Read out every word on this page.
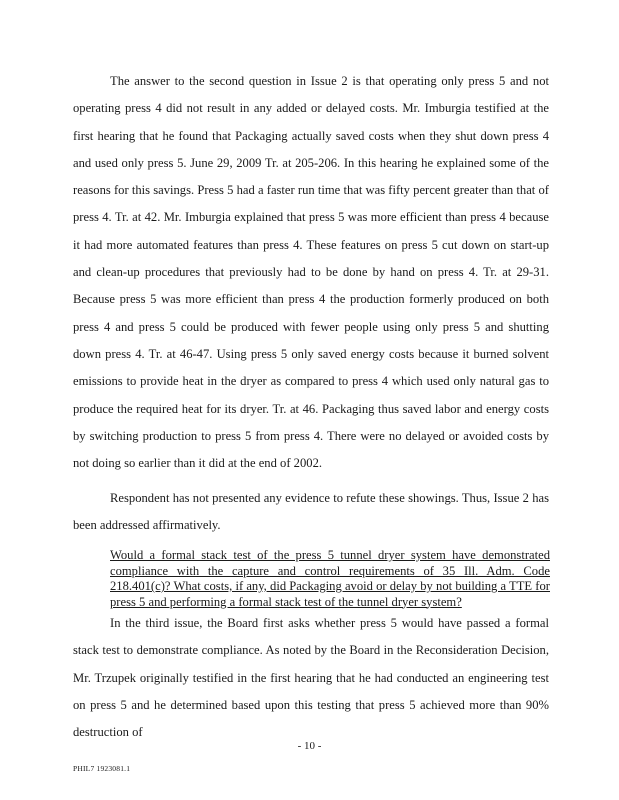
The answer to the second question in Issue 2 is that operating only press 5 and not operating press 4 did not result in any added or delayed costs. Mr. Imburgia testified at the first hearing that he found that Packaging actually saved costs when they shut down press 4 and used only press 5. June 29, 2009 Tr. at 205-206. In this hearing he explained some of the reasons for this savings. Press 5 had a faster run time that was fifty percent greater than that of press 4. Tr. at 42. Mr. Imburgia explained that press 5 was more efficient than press 4 because it had more automated features than press 4. These features on press 5 cut down on start-up and clean-up procedures that previously had to be done by hand on press 4. Tr. at 29-31. Because press 5 was more efficient than press 4 the production formerly produced on both press 4 and press 5 could be produced with fewer people using only press 5 and shutting down press 4. Tr. at 46-47. Using press 5 only saved energy costs because it burned solvent emissions to provide heat in the dryer as compared to press 4 which used only natural gas to produce the required heat for its dryer. Tr. at 46. Packaging thus saved labor and energy costs by switching production to press 5 from press 4. There were no delayed or avoided costs by not doing so earlier than it did at the end of 2002.

Respondent has not presented any evidence to refute these showings. Thus, Issue 2 has been addressed affirmatively.

Would a formal stack test of the press 5 tunnel dryer system have demonstrated compliance with the capture and control requirements of 35 Ill. Adm. Code 218.401(c)? What costs, if any, did Packaging avoid or delay by not building a TTE for press 5 and performing a formal stack test of the tunnel dryer system?

In the third issue, the Board first asks whether press 5 would have passed a formal stack test to demonstrate compliance. As noted by the Board in the Reconsideration Decision, Mr. Trzupek originally testified in the first hearing that he had conducted an engineering test on press 5 and he determined based upon this testing that press 5 achieved more than 90% destruction of

- 10 -
PHIL7 1923081.1
